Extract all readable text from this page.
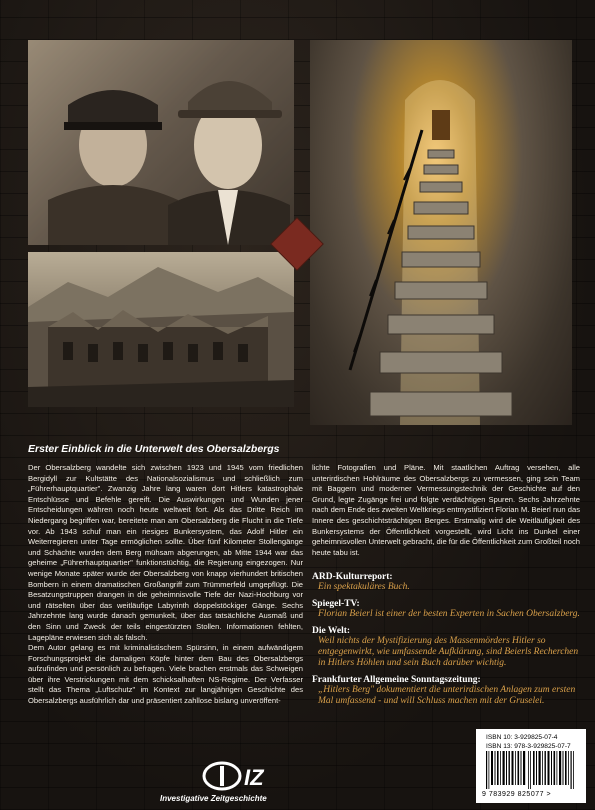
Erster Einblick in die Unterwelt des Obersalzbergs

Der Obersalzberg wandelte sich zwischen 1923 und 1945 vom friedlichen Bergidyll zur Kultstätte des Nationalsozialismus und schließlich zum „Führerhauptquartier". Zwanzig Jahre lang waren dort Hitlers katastrophale Entschlüsse und Befehle gereift. Die Auswirkungen und Wunden jener Entscheidungen währen noch heute weltweit fort. Als das Dritte Reich im Niedergang begriffen war, bereitete man am Obersalzberg die Flucht in die Tiefe vor. Ab 1943 schuf man ein riesiges Bunkersystem, das Adolf Hitler ein Weiterregieren unter Tage ermöglichen sollte. Über fünf Kilometer Stollengänge und Schächte wurden dem Berg mühsam abgerungen, ab Mitte 1944 war das geheime „Führerhauptquartier" funktionstüchtig, die Regierung eingezogen. Nur wenige Monate später wurde der Obersalzberg von knapp vierhundert britischen Bombern in einem dramatischen Großangriff zum Trümmerfeld umgepflügt. Die Besatzungstruppen drangen in die geheimnisvolle Tiefe der Nazi-Hochburg vor und rätselten über das weitläufige Labyrinth doppelstöckiger Gänge. Sechs Jahrzehnte lang wurde danach gemunkelt, über das tatsächliche Ausmaß und den Sinn und Zweck der teils eingestürzten Stollen. Informationen fehlten, Lagepläne erwiesen sich als falsch.

Dem Autor gelang es mit kriminalistischem Spürsinn, in einem aufwändigem Forschungsprojekt die damaligen Köpfe hinter dem Bau des Obersalzbergs aufzufinden und persönlich zu befragen. Viele brachen erstmals das Schweigen über ihre Verstrickungen mit dem schicksalhaften NS-Regime. Der Verfasser stellt das Thema „Luftschutz" im Kontext zur langjährigen Geschichte des Obersalzbergs ausführlich dar und präsentiert zahllose bislang unveröffent-

lichte Fotografien und Pläne. Mit staatlichen Auftrag versehen, alle unterirdischen Hohlräume des Obersalzbergs zu vermessen, ging sein Team mit Baggern und moderner Vermessungstechnik der Geschichte auf den Grund, legte Zugänge frei und folgte verdächtigen Spuren. Sechs Jahrzehnte nach dem Ende des zweiten Weltkriegs entmystifiziert Florian M. Beierl nun das Innere des geschichtsträchtigen Berges. Erstmalig wird die Weitläufigkeit des Bunkersystems der Öffentlichkeit vorgestellt, wird Licht ins Dunkel einer geheimnisvollen Unterwelt gebracht, die für die Öffentlichkeit zum Großteil noch heute tabu ist.

ARD-Kulturreport:
Ein spektakuläres Buch.
Spiegel-TV:
Florian Beierl ist einer der besten Experten in Sachen Obersalzberg.
Die Welt:
Weil nichts der Mystifizierung des Massenmörders Hitler so entgegenwirkt, wie umfassende Aufklärung, sind Beierls Recherchen in Hitlers Höhlen und sein Buch darüber wichtig.
Frankfurter Allgemeine Sonntagszeitung:
„Hitlers Berg" dokumentiert die unterirdischen Anlagen zum ersten Mal umfassend - und will Schluss machen mit der Gruselei.
IZ
Investigative Zeitgeschichte
ISBN 10: 3-929825-07-4
ISBN 13: 978-3-929825-07-7
9 783929 825077 >
